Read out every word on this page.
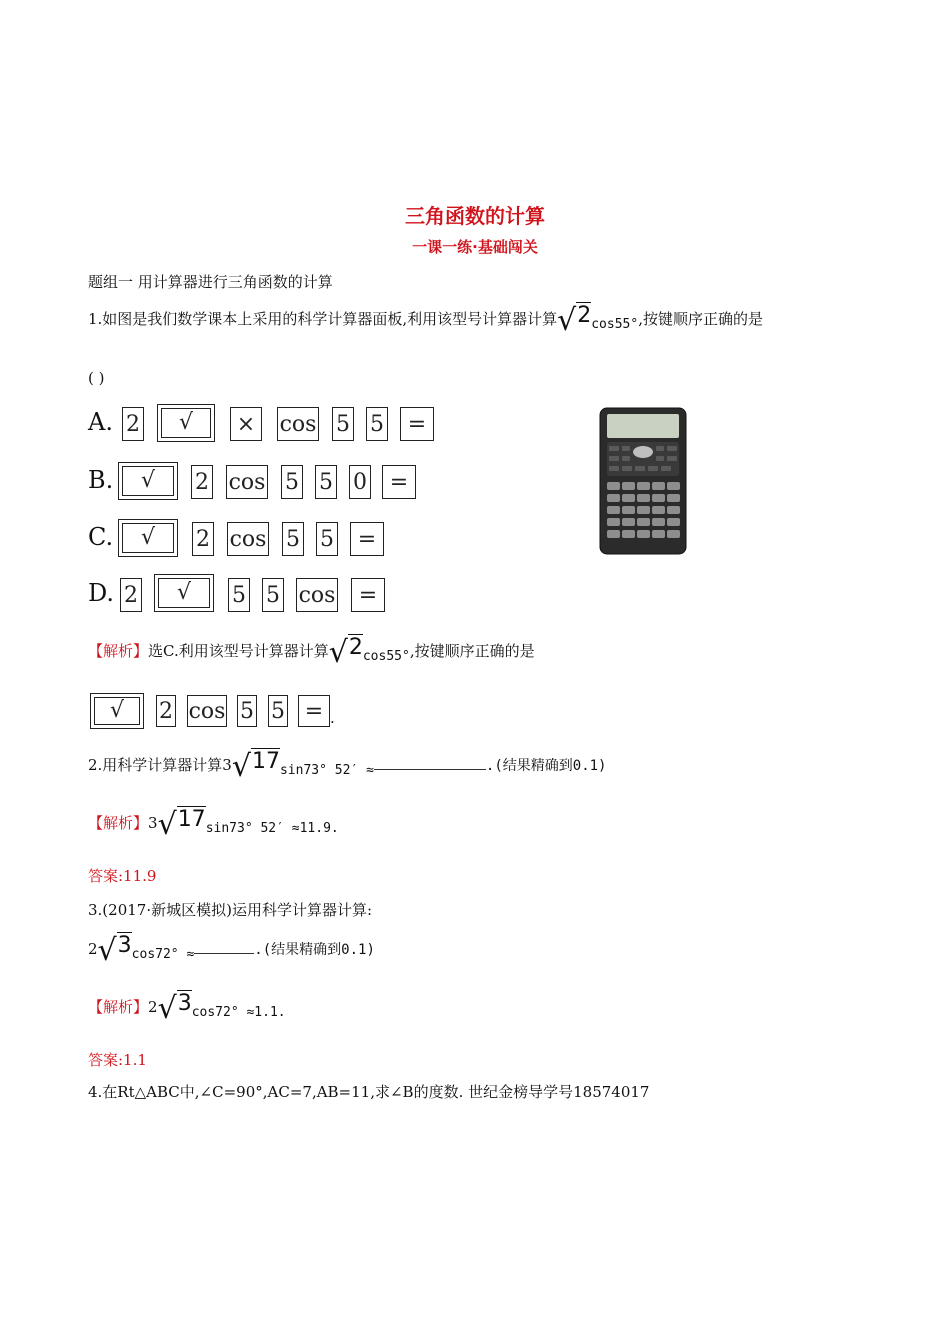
三角函数的计算
一课一练·基础闯关
题组一 用计算器进行三角函数的计算
1.如图是我们数学课本上采用的科学计算器面板,利用该型号计算器计算√2cos55°,按键顺序正确的是
( )
A.
B.
C.
D.
2	√	×	cos 5 5	=
√	2 cos 5 5 0	=
√	2 cos 5 5	=
2	√	5 5 cos	=
【解析】选C.利用该型号计算器计算√2cos55°,按键顺序正确的是
√	2 cos 5 5 = .
2.用科学计算器计算3√17sin73° 52′ ≈	.(结果精确到0.1)
【解析】3√17sin73° 52′ ≈11.9.
答案:11.9
3.(2017·新城区模拟)运用科学计算器计算:
2√3cos72° ≈	.(结果精确到0.1)
【解析】2√3cos72° ≈1.1.
答案:1.1
4.在Rt△ABC中,∠C=90°,AC=7,AB=11,求∠B的度数. 世纪金榜导学号18574017
